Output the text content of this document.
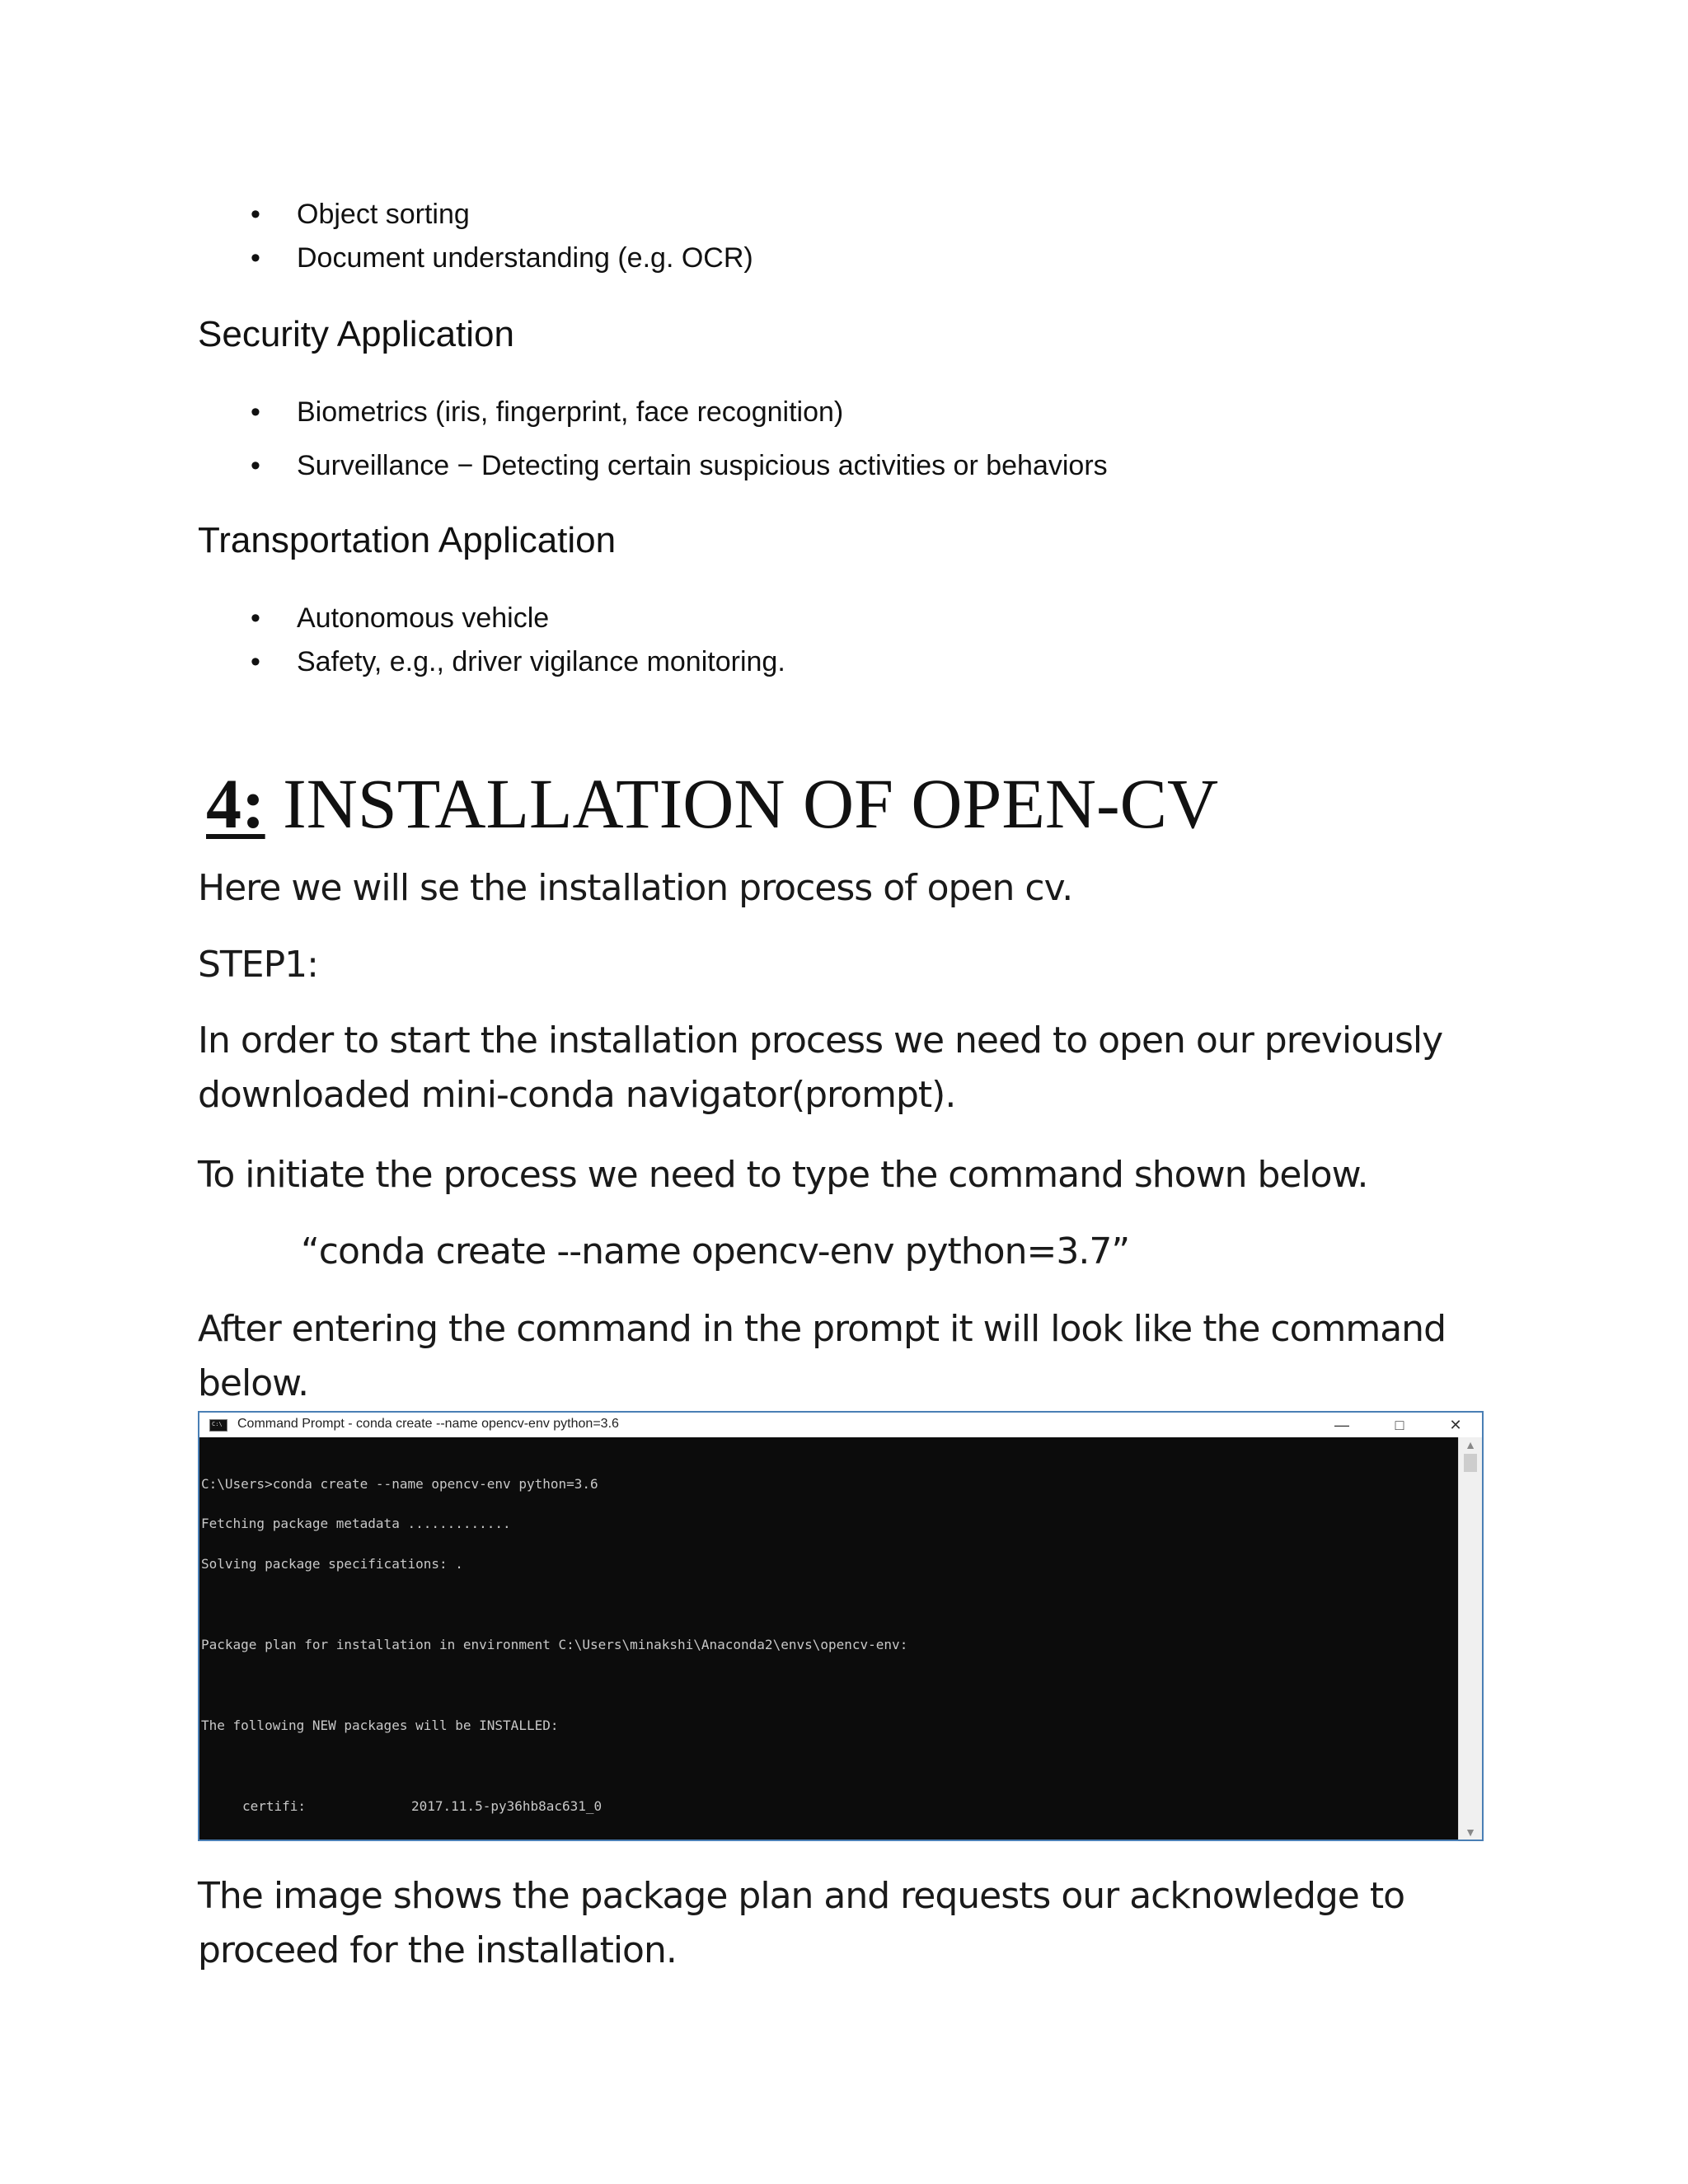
• Object sorting
• Document understanding (e.g. OCR)
Security Application
• Biometrics (iris, fingerprint, face recognition)
• Surveillance − Detecting certain suspicious activities or behaviors
Transportation Application
• Autonomous vehicle
• Safety, e.g., driver vigilance monitoring.
4: INSTALLATION OF OPEN-CV
Here we will se the installation process of open cv.
STEP1:
In order to start the installation process we need to open our previously downloaded mini-conda navigator(prompt).
To initiate the process we need to type the command shown below.
“conda create --name opencv-env python=3.7”
After entering the command in the prompt it will look like the command below.
C:\
Command Prompt - conda create --name opencv-env python=3.6	—	□	✕

C:\Users>conda create --name opencv-env python=3.6

Fetching package metadata .............

Solving package specifications: .

Package plan for installation in environment C:\Users\minakshi\Anaconda2\envs\opencv-env:

The following NEW packages will be INSTALLED:

certifi:	2017.11.5-py36hb8ac631_0

▲
▼
The image shows the package plan and requests our acknowledge to proceed for the installation.
